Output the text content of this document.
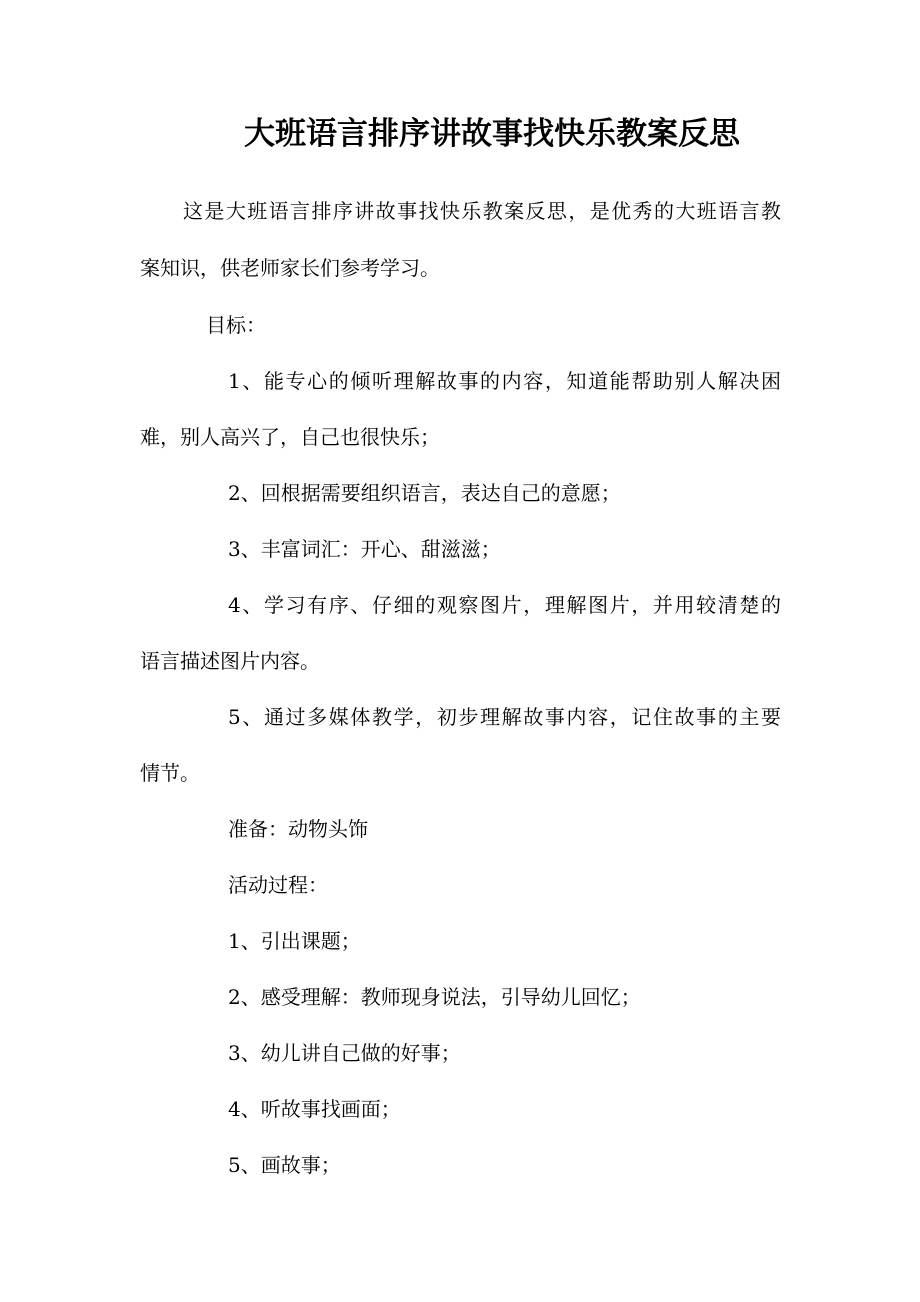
大班语言排序讲故事找快乐教案反思
这是大班语言排序讲故事找快乐教案反思，是优秀的大班语言教
案知识，供老师家长们参考学习。
目标：
1、能专心的倾听理解故事的内容，知道能帮助别人解决困
难，别人高兴了，自己也很快乐；
2、回根据需要组织语言，表达自己的意愿；
3、丰富词汇：开心、甜滋滋；
4、学习有序、仔细的观察图片，理解图片，并用较清楚的
语言描述图片内容。
5、通过多媒体教学，初步理解故事内容，记住故事的主要
情节。
准备：动物头饰
活动过程：
1、引出课题；
2、感受理解：教师现身说法，引导幼儿回忆；
3、幼儿讲自己做的好事；
4、听故事找画面；
5、画故事；
